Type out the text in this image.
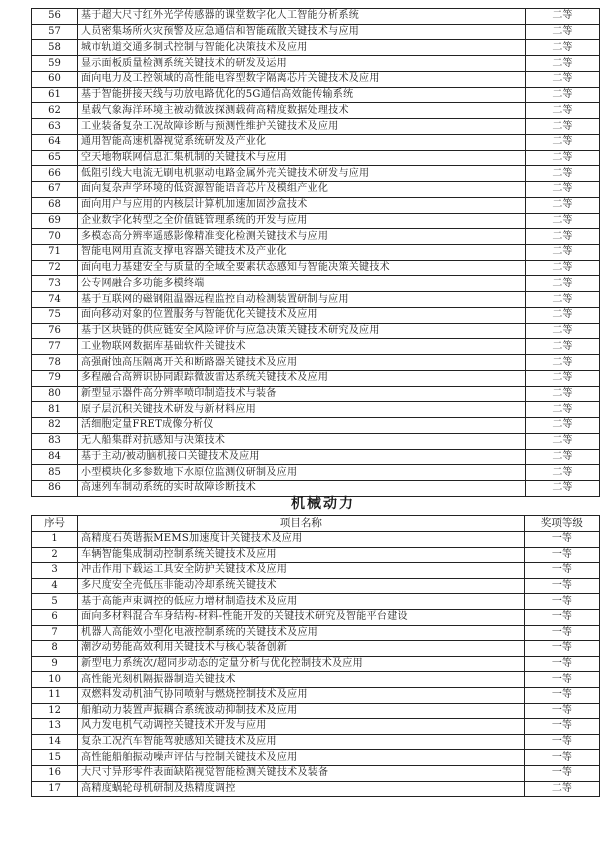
56	基于超大尺寸红外光学传感器的课堂数字化人工智能分析系统	二等
57	人员密集场所火灾预警及应急通信和智能疏散关键技术与应用	二等
58	城市轨道交通多制式控制与智能化决策技术及应用	二等
59	显示面板质量检测系统关键技术的研发及运用	二等
60	面向电力及工控领域的高性能电容型数字隔离芯片关键技术及应用	二等
61	基于智能拼接天线与功放电路优化的5G通信高效能传输系统	二等
62	星载气象海洋环境主被动微波探测载荷高精度数据处理技术	二等
63	工业装备复杂工况故障诊断与预测性维护关键技术及应用	二等
64	通用智能高速机器视觉系统研发及产业化	二等
65	空天地物联网信息汇集机制的关键技术与应用	二等
66	低阻引线大电流无刷电机驱动电路金属外壳关键技术研发与应用	二等
67	面向复杂声学环境的低资源智能语音芯片及模组产业化	二等
68	面向用户与应用的内核层计算机加速加固沙盒技术	二等
69	企业数字化转型之全价值链管理系统的开发与应用	二等
70	多模态高分辨率遥感影像精准变化检测关键技术与应用	二等
71	智能电网用直流支撑电容器关键技术及产业化	二等
72	面向电力基建安全与质量的全域全要素状态感知与智能决策关键技术	二等
73	公专网融合多功能多模终端	二等
74	基于互联网的磁钢阻温器远程监控自动检测装置研制与应用	二等
75	面向移动对象的位置服务与智能优化关键技术及应用	二等
76	基于区块链的供应链安全风险评价与应急决策关键技术研究及应用	二等
77	工业物联网数据库基础软件关键技术	二等
78	高强耐蚀高压隔离开关和断路器关键技术及应用	二等
79	多程融合高辨识协同跟踪微波雷达系统关键技术及应用	二等
80	新型显示器件高分辨率喷印制造技术与装备	二等
81	原子层沉积关键技术研发与新材料应用	二等
82	活细胞定量FRET成像分析仪	二等
83	无人船集群对抗感知与决策技术	二等
84	基于主动/被动脑机接口关键技术及应用	二等
85	小型模块化多参数地下水原位监测仪研制及应用	二等
86	高速列车制动系统的实时故障诊断技术	二等
机械动力
序号	项目名称	奖项等级
1	高精度石英谐振MEMS加速度计关键技术及应用	一等
2	车辆智能集成制动控制系统关键技术及应用	一等
3	冲击作用下载运工具安全防护关键技术及应用	一等
4	多尺度安全壳低压非能动冷却系统关键技术	一等
5	基于高能声束调控的低应力增材制造技术及应用	一等
6	面向多材料混合车身结构-材料-性能开发的关键技术研究及智能平台建设	一等
7	机器人高能效小型化电液控制系统的关键技术及应用	一等
8	潮汐动势能高效利用关键技术与核心装备创新	一等
9	新型电力系统次/超同步动态的定量分析与优化控制技术及应用	一等
10	高性能光刻机隔振器制造关键技术	一等
11	双燃料发动机油气协同喷射与燃烧控制技术及应用	一等
12	船舶动力装置声振耦合系统波动抑制技术及应用	一等
13	风力发电机气动调控关键技术开发与应用	一等
14	复杂工况汽车智能驾驶感知关键技术及应用	一等
15	高性能船舶振动噪声评估与控制关键技术及应用	一等
16	大尺寸异形零件表面缺陷视觉智能检测关键技术及装备	一等
17	高精度蜗轮母机研制及热精度调控	二等
